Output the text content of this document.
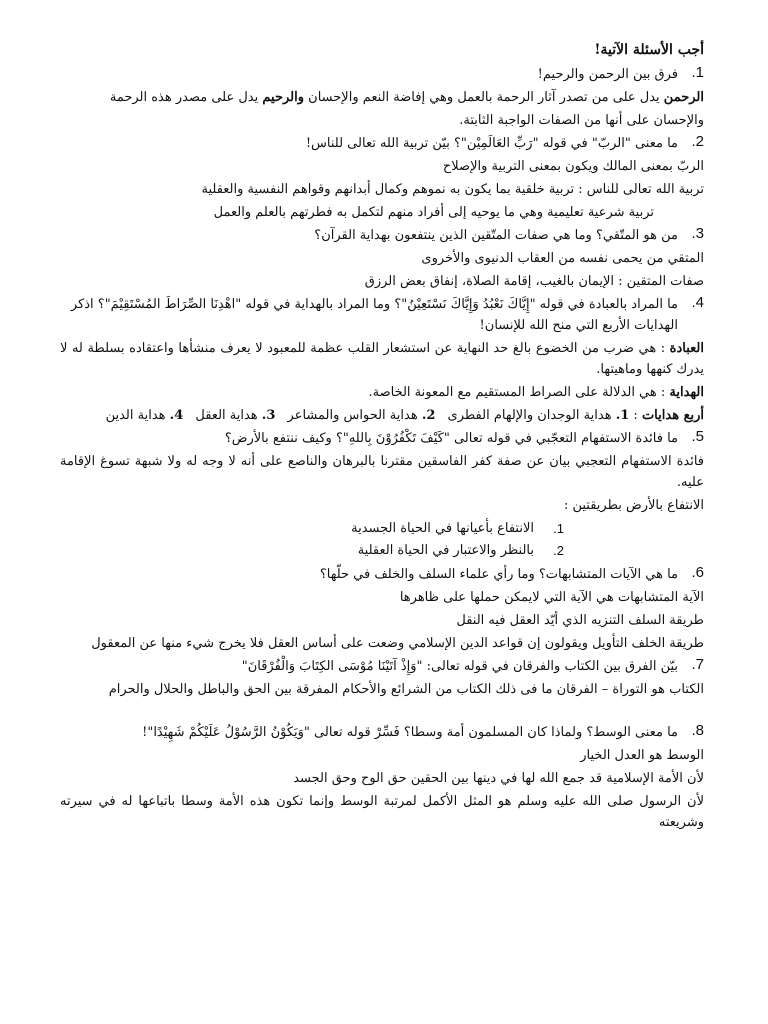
أجب الأسئلة الآتية!
1.
فرق بين الرحمن والرحيم!
الرحمن يدل على من تصدر آثار الرحمة بالعمل وهي إفاضة النعم والإحسان والرحيم يدل على مصدر هذه الرحمة
والإحسان على أنها من الصفات الواجبة الثابتة.
2.
ما معنى "الربّ" في قوله "رَبِّ العَالَمِيْن"؟ بيّن تربية الله تعالى للناس!
الربّ بمعنى المالك ويكون بمعنى التربية والإصلاح
تربية الله تعالى للناس : تربية خلقية بما يكون به نموهم وكمال أبدانهم وقواهم النفسية والعقلية
تربية شرعية تعليمية وهي ما يوحيه إلى أفراد منهم لتكمل به فطرتهم بالعلم والعمل
3.
من هو المتّقي؟ وما هي صفات المتّقين الذين ينتفعون بهداية القرآن؟
المتقي من يحمى نفسه من العقاب الدنيوى والأخروى
صفات المتقين : الإيمان بالغيب، إقامة الصلاة، إنفاق بعض الرزق
4.
ما المراد بالعبادة في قوله "إِيَّاكَ نَعْبُدُ وَإِيَّاكَ نَسْتَعِيْنُ"؟ وما المراد بالهداية في قوله "اهْدِنَا الصِّرَاطَ المُسْتَقِيْمَ"؟ اذكر الهدايات الأربع التي منح الله للإنسان!
العبادة : هي ضرب من الخضوع بالغ حد النهاية عن استشعار القلب عظمة للمعبود لا يعرف منشأها واعتقاده بسلطة له لا يدرك كنهها وماهيتها.
الهداية : هي الدلالة على الصراط المستقيم مع المعونة الخاصة.
أربع هدايات : 1. هداية الوجدان والإلهام الفطرى 2. هداية الحواس والمشاعر 3. هداية العقل 4. هداية الدين
5.
ما فائدة الاستفهام التعجّبي في قوله تعالى "كَيْفَ تَكْفُرُوْنَ بِاللهِ"؟ وكيف ننتفع بالأرض؟
فائدة الاستفهام التعجبي بيان عن صفة كفر الفاسقين مقترنا بالبرهان والناصع على أنه لا وجه له ولا شبهة تسوغ الإقامة عليه.
الانتفاع بالأرض بطريقتين :
1.
الانتفاع بأعيانها في الحياة الجسدية
2.
بالنظر والاعتبار في الحياة العقلية
6.
ما هي الآيات المتشابهات؟ وما رأي علماء السلف والخلف في حلّها؟
الآية المتشابهات هي الآية التي لايمكن حملها على ظاهرها
طريقة السلف التنزيه الذي أيّد العقل فيه النقل
طريقة الخلف التأويل ويقولون إن قواعد الدين الإسلامي وضعت على أساس العقل فلا يخرج شيء منها عن المعقول
7.
بيّن الفرق بين الكتاب والفرقان في قوله تعالى: "وَإِذْ آتَيْنَا مُوْسَى الكِتَابَ وَالْفُرْقَانَ"
الكتاب هو التوراة – الفرقان ما فى ذلك الكتاب من الشرائع والأحكام المفرقة بين الحق والباطل والحلال والحرام
8.
ما معنى الوسط؟ ولماذا كان المسلمون أمة وسطا؟ فَسِّرْ قوله تعالى "وَيَكُوْنُ الرَّسُوْلُ عَلَيْكُمْ شَهِيْدًا"!
الوسط هو العدل الخيار
لأن الأمة الإسلامية قد جمع الله لها في دينها بين الحقين حق الوح وحق الجسد
لأن الرسول صلى الله عليه وسلم هو المثل الأكمل لمرتبة الوسط وإنما تكون هذه الأمة وسطا باتباعها له في سيرته وشريعته
